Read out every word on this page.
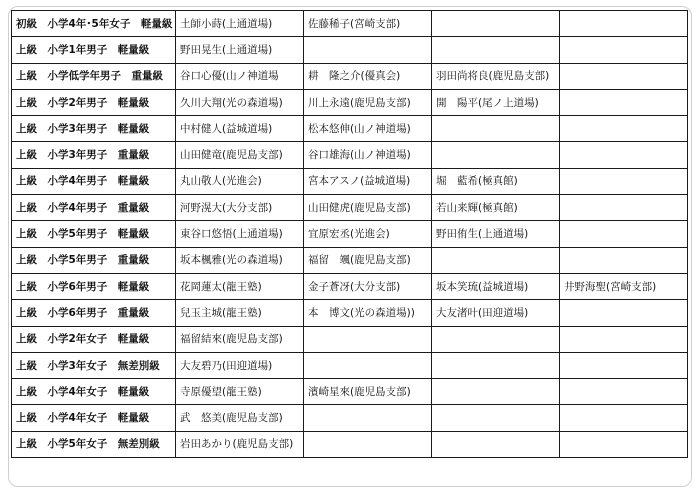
初級　小学4年･5年女子　軽量級	土師小蒔(上通道場)	佐藤稀子(宮崎支部)		
上級　小学1年男子　軽量級	野田晃生(上通道場)			
上級　小学低学年男子　重量級	谷口心優(山ノ神道場	耕　隆之介(優真会)	羽田尚将良(鹿児島支部)	
上級　小学2年男子　軽量級	久川大翔(光の森道場)	川上永遠(鹿児島支部)	開　陽平(尾ノ上道場)	
上級　小学3年男子　軽量級	中村健人(益城道場)	松本悠伸(山ノ神道場)		
上級　小学3年男子　重量級	山田健竜(鹿児島支部)	谷口雄海(山ノ神道場)		
上級　小学4年男子　軽量級	丸山敬人(光進会)	宮本アスノ(益城道場)	堀　藍希(極真館)	
上級　小学4年男子　重量級	河野滉大(大分支部)	山田健虎(鹿児島支部)	若山来輝(極真館)	
上級　小学5年男子　軽量級	東谷口悠悟(上通道場)	宜原宏丞(光進会)	野田侑生(上通道場)	
上級　小学5年男子　重量級	坂本楓雅(光の森道場)	福留　颯(鹿児島支部)		
上級　小学6年男子　軽量級	花岡蓮太(龍王塾)	金子蒼冴(大分支部)	坂本笑琉(益城道場)	井野海聖(宮崎支部)
上級　小学6年男子　重量級	兒玉主城(龍王塾)	本　博文(光の森道場))	大友渚叶(田迎道場)	
上級　小学2年女子　軽量級	福留結來(鹿児島支部)			
上級　小学3年女子　無差別級	大友碧乃(田迎道場)			
上級　小学4年女子　軽量級	寺原優望(龍王塾)	濱崎星來(鹿児島支部)		
上級　小学4年女子　軽量級	武　悠美(鹿児島支部)			
上級　小学5年女子　無差別級	岩田あかり(鹿児島支部)			
